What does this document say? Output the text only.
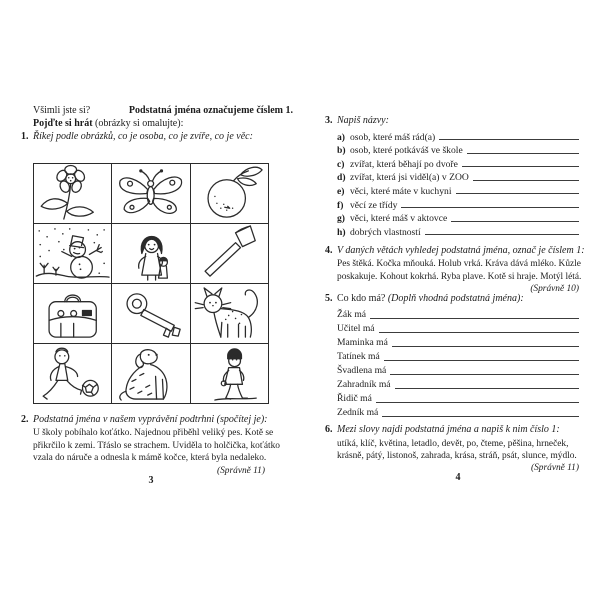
Všimli jste si?	Podstatná jména označujeme číslem 1.
Pojďte si hrát (obrázky si omalujte):
1. Říkej podle obrázků, co je osoba, co je zvíře, co je věc:
2. Podstatná jména v našem vyprávění podtrhni (spočítej je):

U školy pobíhalo koťátko. Najednou přiběhl veliký pes. Kotě se
přikrčilo k zemi. Třáslo se strachem. Uviděla to holčička, koťátko
vzala do náruče a odnesla k mámě kočce, která byla nedaleko.

(Správně 11)
3
3. Napiš názvy:
a) osob, které máš rád(a)
b) osob, které potkáváš ve škole
c) zvířat, která běhají po dvoře
d) zvířat, která jsi viděl(a) v ZOO
e) věci, které máte v kuchyni
f) věcí ze třídy
g) věci, které máš v aktovce
h) dobrých vlastností
4. V daných větách vyhledej podstatná jména, označ je číslem 1:

Pes štěká. Kočka mňouká. Holub vrká. Kráva dává mléko. Kůzle
poskakuje. Kohout kokrhá. Ryba plave. Kotě si hraje. Motýl létá.

(Správně 10)
5. Co kdo má? (Doplň vhodná podstatná jména):
Žák má
Učitel má
Maminka má
Tatínek má
Švadlena má
Zahradník má
Řidič má
Zedník má
6. Mezi slovy najdi podstatná jména a napiš k nim číslo 1:

utíká, klíč, květina, letadlo, devět, po, čteme, pěšina, hrneček,
krásně, pátý, listonoš, zahrada, krása, stráň, psát, slunce, mýdlo.

(Správně 11)
4
